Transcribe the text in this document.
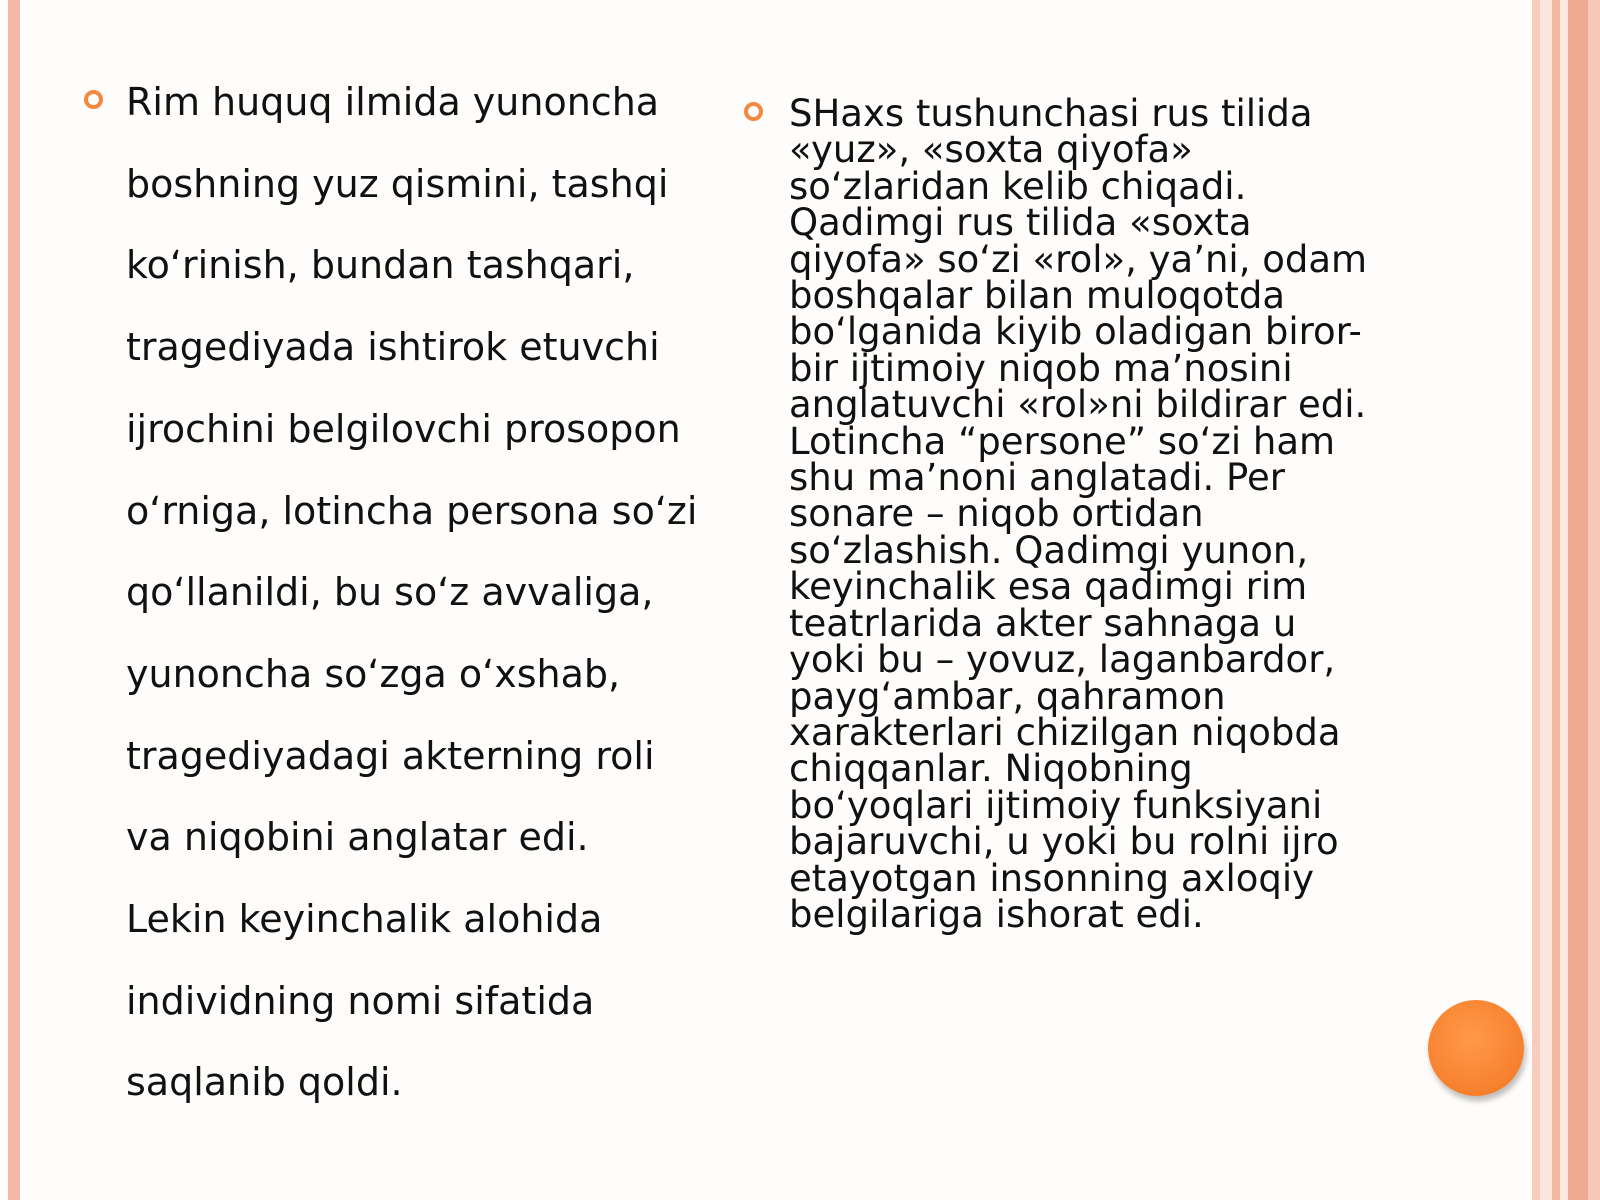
Rim huquq ilmida yunoncha
boshning yuz qismini, tashqi
ko‘rinish, bundan tashqari,
tragediyada ishtirok etuvchi
ijrochini belgilovchi prosopon
o‘rniga, lotincha persona so‘zi
qo‘llanildi, bu so‘z avvaliga,
yunoncha so‘zga o‘xshab,
tragediyadagi akterning roli
va niqobini anglatar edi.
Lekin keyinchalik alohida
individning nomi sifatida
saqlanib qoldi.

SHaxs tushunchasi rus tilida
«yuz», «soxta qiyofa»
so‘zlaridan kelib chiqadi.
Qadimgi rus tilida «soxta
qiyofa» so‘zi «rol», ya’ni, odam
boshqalar bilan muloqotda
bo‘lganida kiyib oladigan biror-
bir ijtimoiy niqob ma’nosini
anglatuvchi «rol»ni bildirar edi.
Lotincha “persone” so‘zi ham
shu ma’noni anglatadi. Per
sonare – niqob ortidan
so‘zlashish. Qadimgi yunon,
keyinchalik esa qadimgi rim
teatrlarida akter sahnaga u
yoki bu – yovuz, laganbardor,
payg‘ambar, qahramon
xarakterlari chizilgan niqobda
chiqqanlar. Niqobning
bo‘yoqlari ijtimoiy funksiyani
bajaruvchi, u yoki bu rolni ijro
etayotgan insonning axloqiy
belgilariga ishorat edi.
